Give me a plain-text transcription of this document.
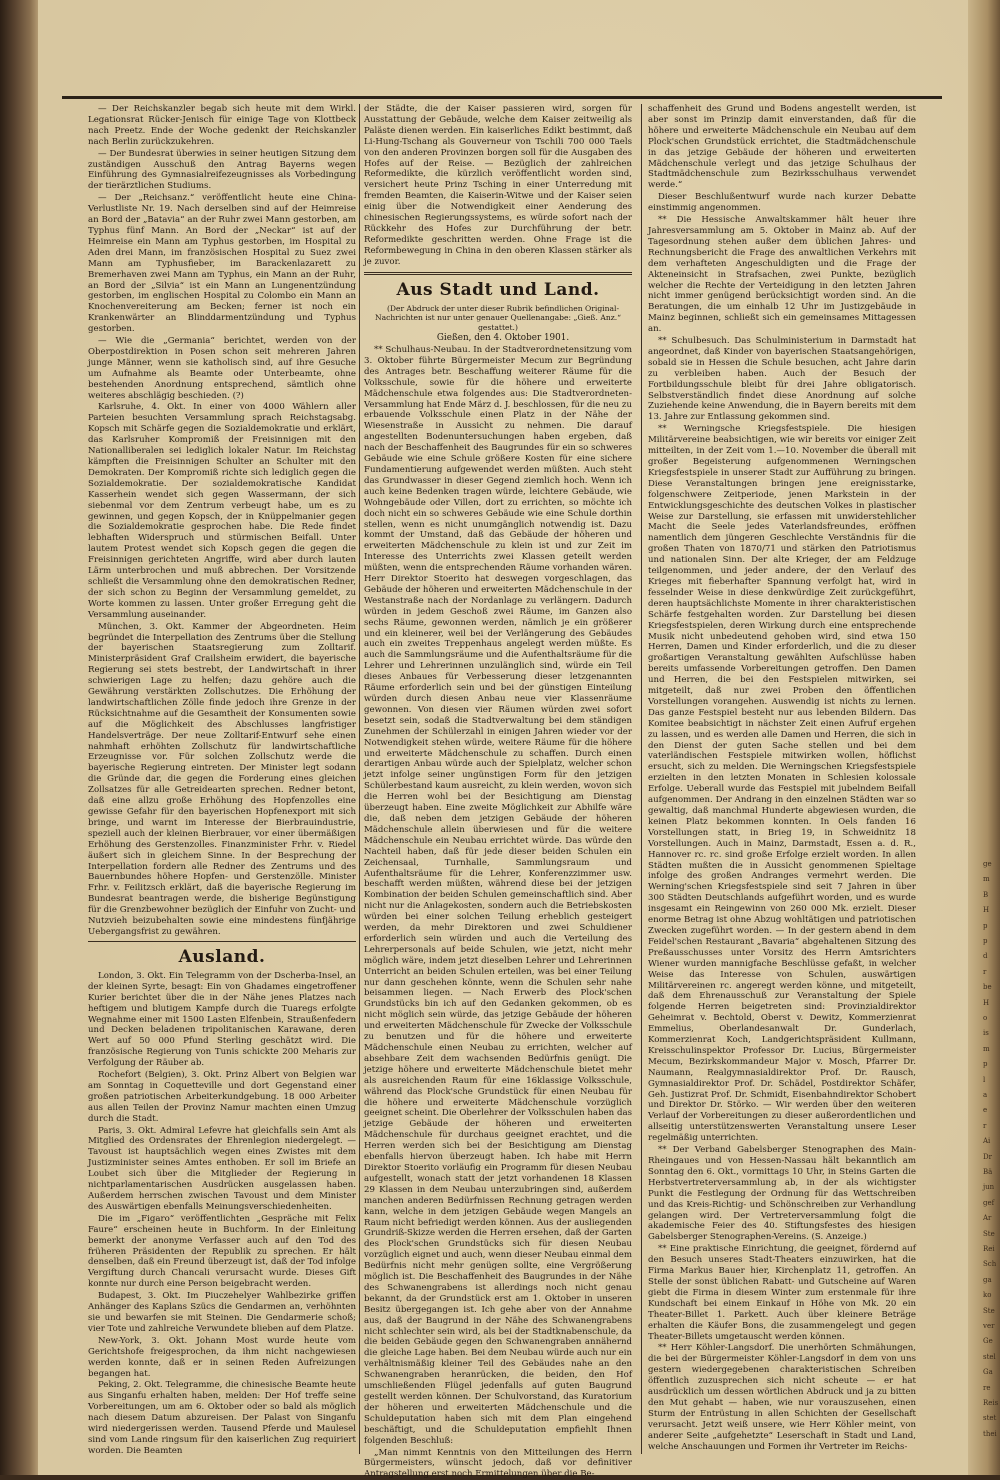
— Der Reichskanzler begab sich heute mit dem Wirkl. Legationsrat Rücker-Jenisch für einige Tage von Klottbeck nach Preetz. Ende der Woche gedenkt der Reichskanzler nach Berlin zurückzukehren.

— Der Bundesrat überwies in seiner heutigen Sitzung dem zuständigen Ausschuß den Antrag Bayerns wegen Einführung des Gymnasialreifezeugnisses als Vorbedingung der tierärztlichen Studiums.

— Der „Reichsanz.“ veröffentlicht heute eine China-Verlustliste Nr. 19. Nach derselben sind auf der Heimreise an Bord der „Batavia“ an der Ruhr zwei Mann gestorben, am Typhus fünf Mann. An Bord der „Neckar“ ist auf der Heimreise ein Mann am Typhus gestorben, im Hospital zu Aden drei Mann, im französischen Hospital zu Suez zwei Mann am Typhusfieber, im Barackenlazarett zu Bremerhaven zwei Mann am Typhus, ein Mann an der Ruhr, an Bord der „Silvia“ ist ein Mann an Lungenentzündung gestorben, im englischen Hospital zu Colombo ein Mann an Knochenvereiterung am Becken; ferner ist noch ein Krankenwärter an Blinddarmentzündung und Typhus gestorben.

— Wie die „Germania“ berichtet, werden von der Oberpostdirektion in Posen schon seit mehreren Jahren junge Männer, wenn sie katholisch sind, auf ihre Gesuche um Aufnahme als Beamte oder Unterbeamte, ohne bestehenden Anordnung entsprechend, sämtlich ohne weiteres abschlägig beschieden. (?)

Karlsruhe, 4. Okt. In einer von 4000 Wählern aller Parteien besuchten Versammlung sprach Reichstagsabg. Kopsch mit Schärfe gegen die Sozialdemokratie und erklärt, das Karlsruher Kompromiß der Freisinnigen mit den Nationalliberalen sei lediglich lokaler Natur. Im Reichstag kämpften die Freisinnigen Schulter an Schulter mit den Demokraten. Der Kompromiß richte sich lediglich gegen die Sozialdemokratie. Der sozialdemokratische Kandidat Kasserhein wendet sich gegen Wassermann, der sich siebenmal vor dem Zentrum verbeugt habe, um es zu gewinnen, und gegen Kopsch, der in Knüppelmanier gegen die Sozialdemokratie gesprochen habe. Die Rede findet lebhaften Widerspruch und stürmischen Beifall. Unter lautem Protest wendet sich Kopsch gegen die gegen die Freisinnigen gerichteten Angriffe, wird aber durch lauten Lärm unterbrochen und muß abbrechen. Der Vorsitzende schließt die Versammlung ohne den demokratischen Redner, der sich schon zu Beginn der Versammlung gemeldet, zu Worte kommen zu lassen. Unter großer Erregung geht die Versammlung auseinander.

München, 3. Okt. Kammer der Abgeordneten. Heim begründet die Interpellation des Zentrums über die Stellung der bayerischen Staatsregierung zum Zolltarif. Ministerpräsident Graf Crailsheim erwidert, die bayerische Regierung sei stets bestrebt, der Landwirtschaft in ihrer schwierigen Lage zu helfen; dazu gehöre auch die Gewährung verstärkten Zollschutzes. Die Erhöhung der landwirtschaftlichen Zölle finde jedoch ihre Grenze in der Rücksichtnahme auf die Gesamtheit der Konsumenten sowie auf die Möglichkeit des Abschlusses langfristiger Handelsverträge. Der neue Zolltarif-Entwurf sehe einen nahmhaft erhöhten Zollschutz für landwirtschaftliche Erzeugnisse vor. Für solchen Zollschutz werde die bayerische Regierung eintreten. Der Minister legt sodann die Gründe dar, die gegen die Forderung eines gleichen Zollsatzes für alle Getreidearten sprechen. Redner betont, daß eine allzu große Erhöhung des Hopfenzolles eine gewisse Gefahr für den bayerischen Hopfenexport mit sich bringe, und warnt im Interesse der Bierbrauindustrie, speziell auch der kleinen Bierbrauer, vor einer übermäßigen Erhöhung des Gerstenzolles. Finanzminister Frhr. v. Riedel äußert sich in gleichem Sinne. In der Besprechung der Interpellation fordern alle Redner des Zentrums und des Bauernbundes höhere Hopfen- und Gerstenzölle. Minister Frhr. v. Feilitzsch erklärt, daß die bayerische Regierung im Bundesrat beantragen werde, die bisherige Begünstigung für die Grenzbewohner bezüglich der Einfuhr von Zucht- und Nutzvieh beizubehalten sowie eine mindestens fünfjährige Uebergangsfrist zu gewähren.

Ausland.

London, 3. Okt. Ein Telegramm von der Dscherba-Insel, an der kleinen Syrte, besagt: Ein von Ghadames eingetroffener Kurier berichtet über die in der Nähe jenes Platzes nach heftigem und blutigem Kampfe durch die Tuaregs erfolgte Wegnahme einer mit 1500 Lasten Elfenbein, Straußenfedern und Decken beladenen tripolitanischen Karawane, deren Wert auf 50 000 Pfund Sterling geschätzt wird. Die französische Regierung von Tunis schickte 200 Meharis zur Verfolgung der Räuber ab.

Rochefort (Belgien), 3. Okt. Prinz Albert von Belgien war am Sonntag in Coquetteville und dort Gegenstand einer großen patriotischen Arbeiterkundgebung. 18 000 Arbeiter aus allen Teilen der Provinz Namur machten einen Umzug durch die Stadt.

Paris, 3. Okt. Admiral Lefevre hat gleichfalls sein Amt als Mitglied des Ordensrates der Ehrenlegion niedergelegt. — Tavoust ist hauptsächlich wegen eines Zwistes mit dem Justizminister seines Amtes enthoben. Er soll im Briefe an Loubet sich über die Mitglieder der Regierung in nichtparlamentarischen Ausdrücken ausgelassen haben. Außerdem herrschen zwischen Tavoust und dem Minister des Auswärtigen ebenfalls Meinungsverschiedenheiten.

Die im „Figaro“ veröffentlichten „Gespräche mit Felix Faure“ erscheinen heute in Buchform. In der Einleitung bemerkt der anonyme Verfasser auch auf den Tod des früheren Präsidenten der Republik zu sprechen. Er hält denselben, daß ein Freund überzeugt ist, daß der Tod infolge Vergiftung durch Chancali verursacht wurde. Dieses Gift konnte nur durch eine Person beigebracht werden.

Budapest, 3. Okt. Im Piuczehelyer Wahlbezirke griffen Anhänger des Kaplans Szücs die Gendarmen an, verhöhnten sie und bewarfen sie mit Steinen. Die Gendarmerie schoß; vier Tote und zahlreiche Verwundete blieben auf dem Platze.

New-York, 3. Okt. Johann Most wurde heute vom Gerichtshofe freigesprochen, da ihm nicht nachgewiesen werden konnte, daß er in seinen Reden Aufreizungen begangen hat.

Peking, 2. Okt. Telegramme, die chinesische Beamte heute aus Singanfu erhalten haben, melden: Der Hof treffe seine Vorbereitungen, um am 6. Oktober oder so bald als möglich nach diesem Datum abzureisen. Der Palast von Singanfu wird niedergerissen werden. Tausend Pferde und Maulesel sind vom Lande ringsum für den kaiserlichen Zug requiriert worden. Die Beamten

der Städte, die der Kaiser passieren wird, sorgen für Ausstattung der Gebäude, welche dem Kaiser zeitweilig als Paläste dienen werden. Ein kaiserliches Edikt bestimmt, daß Li-Hung-Tschang als Gouverneur von Tschili 700 000 Taels von den anderen Provinzen borgen soll für die Ausgaben des Hofes auf der Reise. — Bezüglich der zahlreichen Reformedikte, die kürzlich veröffentlicht worden sind, versichert heute Prinz Tsching in einer Unterredung mit fremden Beamten, die Kaiserin-Witwe und der Kaiser seien einig über die Notwendigkeit einer Aenderung des chinesischen Regierungssystems, es würde sofort nach der Rückkehr des Hofes zur Durchführung der betr. Reformedikte geschritten werden. Ohne Frage ist die Reformbewegung in China in den oberen Klassen stärker als je zuvor.

Aus Stadt und Land.

(Der Abdruck der unter dieser Rubrik befindlichen Original-Nachrichten ist nur unter genauer Quellenangabe: „Gieß. Anz.“ gestattet.)

Gießen, den 4. Oktober 1901.

** Schulhaus-Neubau. In der Stadtverordnetensitzung vom 3. Oktober führte Bürgermeister Mecum zur Begründung des Antrages betr. Beschaffung weiterer Räume für die Volksschule, sowie für die höhere und erweiterte Mädchenschule etwa folgendes aus: Die Stadtverordneten-Versammlung hat Ende März d. J. beschlossen, für die neu zu erbauende Volksschule einen Platz in der Nähe der Wiesenstraße in Aussicht zu nehmen. Die darauf angestellten Bodenuntersuchungen haben ergeben, daß nach der Beschaffenheit des Baugrundes für ein so schweres Gebäude wie eine Schule größere Kosten für eine sichere Fundamentierung aufgewendet werden müßten. Auch steht das Grundwasser in dieser Gegend ziemlich hoch. Wenn ich auch keine Bedenken tragen würde, leichtere Gebäude, wie Wohngebäude oder Villen, dort zu errichten, so möchte ich doch nicht ein so schweres Gebäude wie eine Schule dorthin stellen, wenn es nicht unumgänglich notwendig ist. Dazu kommt der Umstand, daß das Gebäude der höheren und erweiterten Mädchenschule zu klein ist und zur Zeit im Interesse des Unterrichts zwei Klassen geteilt werden müßten, wenn die entsprechenden Räume vorhanden wären. Herr Direktor Stoerito hat deswegen vorgeschlagen, das Gebäude der höheren und erweiterten Mädchenschule in der Westanstraße nach der Nordanlage zu verlängern. Dadurch würden in jedem Geschoß zwei Räume, im Ganzen also sechs Räume, gewonnen werden, nämlich je ein größerer und ein kleinerer, weil bei der Verlängerung des Gebäudes auch ein zweites Treppenhaus angelegt werden müßte. Es auch die Sammlungsräume und die Aufenthaltsräume für die Lehrer und Lehrerinnen unzulänglich sind, würde ein Teil dieses Anbaues für Verbesserung dieser letzgenannten Räume erforderlich sein und bei der günstigen Einteilung würden durch diesen Anbau neue vier Klassenräume gewonnen. Von diesen vier Räumen würden zwei sofort besetzt sein, sodaß die Stadtverwaltung bei dem ständigen Zunehmen der Schülerzahl in einigen Jahren wieder vor der Notwendigkeit stehen würde, weitere Räume für die höhere und erweiterte Mädchenschule zu schaffen. Durch einen derartigen Anbau würde auch der Spielplatz, welcher schon jetzt infolge seiner ungünstigen Form für den jetzigen Schülerbestand kaum ausreicht, zu klein werden, wovon sich die Herren wohl bei der Besichtigung am Dienstag überzeugt haben. Eine zweite Möglichkeit zur Abhilfe wäre die, daß neben dem jetzigen Gebäude der höheren Mädchenschule allein überwiesen und für die weitere Mädchenschule ein Neubau errichtet würde. Das würde den Nachteil haben, daß für jede dieser beiden Schulen ein Zeichensaal, Turnhalle, Sammlungsraum und Aufenthaltsräume für die Lehrer, Konferenzzimmer usw. beschafft werden müßten, während diese bei der jetzigen Kombination der beiden Schulen gemeinschaftlich sind. Aber nicht nur die Anlagekosten, sondern auch die Betriebskosten würden bei einer solchen Teilung erheblich gesteigert werden, da mehr Direktoren und zwei Schuldiener erforderlich sein würden und auch die Verteilung des Lehrerpersonals auf beide Schulen, wie jetzt, nicht mehr möglich wäre, indem jetzt dieselben Lehrer und Lehrerinnen Unterricht an beiden Schulen erteilen, was bei einer Teilung nur dann geschehen könnte, wenn die Schulen sehr nahe beisammen liegen. — Nach Erwerb des Plock'schen Grundstücks bin ich auf den Gedanken gekommen, ob es nicht möglich sein würde, das jetzige Gebäude der höheren und erweiterten Mädchenschule für Zwecke der Volksschule zu benutzen und für die höhere und erweiterte Mädchenschule einen Neubau zu errichten, welcher auf absehbare Zeit dem wachsenden Bedürfnis genügt. Die jetzige höhere und erweiterte Mädchenschule bietet mehr als ausreichenden Raum für eine 16klassige Volksschule, während das Plock'sche Grundstück für einen Neubau für die höhere und erweiterte Mädchenschule vorzüglich geeignet scheint. Die Oberlehrer der Volksschulen haben das jetzige Gebäude der höheren und erweiterten Mädchenschule für durchaus geeignet erachtet, und die Herren werden sich bei der Besichtigung am Dienstag ebenfalls hiervon überzeugt haben. Ich habe mit Herrn Direktor Stoerito vorläufig ein Programm für diesen Neubau aufgestellt, wonach statt der jetzt vorhandenen 18 Klassen 29 Klassen in dem Neubau unterzubringen sind, außerdem manchen anderen Bedürfnissen Rechnung getragen werden kann, welche in dem jetzigen Gebäude wegen Mangels an Raum nicht befriedigt werden können. Aus der ausliegenden Grundriß-Skizze werden die Herren ersehen, daß der Garten des Plock'schen Grundstücks sich für diesen Neubau vorzüglich eignet und auch, wenn dieser Neubau einmal dem Bedürfnis nicht mehr genügen sollte, eine Vergrößerung möglich ist. Die Beschaffenheit des Baugrundes in der Nähe des Schwanengrabens ist allerdings noch nicht genau bekannt, da der Grundstück erst am 1. Oktober in unseren Besitz übergegangen ist. Ich gehe aber von der Annahme aus, daß der Baugrund in der Nähe des Schwanengrabens nicht schlechter sein wird, als bei der Stadtknabenschule, da die beiden Gebäude gegen den Schwanengraben annähernd die gleiche Lage haben. Bei dem Neubau würde auch nur ein verhältnismäßig kleiner Teil des Gebäudes nahe an den Schwanengraben heranrücken, die beiden, den Hof umschließenden Flügel jedenfalls auf guten Baugrund gestellt werden können. Der Schulvorstand, das Kuratorium der höheren und erweiterten Mädchenschule und die Schuldeputation haben sich mit dem Plan eingehend beschäftigt, und die Schuldeputation empfiehlt Ihnen folgenden Beschluß:

„Man nimmt Kenntnis von den Mitteilungen des Herrn Bürgermeisters, wünscht jedoch, daß vor definitiver Antragstellung erst noch Ermittelungen über die Be-

schaffenheit des Grund und Bodens angestellt werden, ist aber sonst im Prinzip damit einverstanden, daß für die höhere und erweiterte Mädchenschule ein Neubau auf dem Plock'schen Grundstück errichtet, die Stadtmädchenschule in das jetzige Gebäude der höheren und erweiterten Mädchenschule verlegt und das jetzige Schulhaus der Stadtmädchenschule zum Bezirksschulhaus verwendet werde.“

Dieser Beschlußentwurf wurde nach kurzer Debatte einstimmig angenommen.

** Die Hessische Anwaltskammer hält heuer ihre Jahresversammlung am 5. Oktober in Mainz ab. Auf der Tagesordnung stehen außer dem üblichen Jahres- und Rechnungsbericht die Frage des anwaltlichen Verkehrs mit dem verhafteten Angeschuldigten und die Frage der Akteneinsicht in Strafsachen, zwei Punkte, bezüglich welcher die Rechte der Verteidigung in den letzten Jahren nicht immer genügend berücksichtigt worden sind. An die Beratungen, die um einhalb 12 Uhr im Justizgebäude in Mainz beginnen, schließt sich ein gemeinsames Mittagessen an.

** Schulbesuch. Das Schulministerium in Darmstadt hat angeordnet, daß Kinder von bayerischen Staatsangehörigen, sobald sie in Hessen die Schule besuchen, acht Jahre darin zu verbleiben haben. Auch der Besuch der Fortbildungsschule bleibt für drei Jahre obligatorisch. Selbstverständlich findet diese Anordnung auf solche Zuziehende keine Anwendung, die in Bayern bereits mit dem 13. Jahre zur Entlassung gekommen sind.

** Werningsche Kriegsfestspiele. Die hiesigen Militärvereine beabsichtigen, wie wir bereits vor einiger Zeit mitteilten, in der Zeit vom 1.—10. November die überall mit großer Begeisterung aufgenommenen Werningschen Kriegsfestspiele in unserer Stadt zur Aufführung zu bringen. Diese Veranstaltungen bringen jene ereignisstarke, folgenschwere Zeitperiode, jenen Markstein in der Entwicklungsgeschichte des deutschen Volkes in plastischer Weise zur Darstellung, sie erfassen mit unwiderstehlicher Macht die Seele jedes Vaterlandsfreundes, eröffnen namentlich dem jüngeren Geschlechte Verständnis für die großen Thaten von 1870/71 und stärken den Patriotismus und nationalen Sinn. Der alte Krieger, der am Feldzuge teilgenommen, und jeder andere, der den Verlauf des Krieges mit fieberhafter Spannung verfolgt hat, wird in fesselnder Weise in diese denkwürdige Zeit zurückgeführt, deren hauptsächlichste Momente in ihrer charakteristischen Schärfe festgehalten worden. Zur Darstellung bei diesen Kriegsfestspielen, deren Wirkung durch eine entsprechende Musik nicht unbedeutend gehoben wird, sind etwa 150 Herren, Damen und Kinder erforderlich, und die zu dieser großartigen Veranstaltung gewählten Aufschlüsse haben bereits umfassende Vorbereitungen getroffen. Den Damen und Herren, die bei den Festspielen mitwirken, sei mitgeteilt, daß nur zwei Proben den öffentlichen Vorstellungen vorangehen. Auswendig ist nichts zu lernen. Das ganze Festspiel besteht nur aus lebenden Bildern. Das Komitee beabsichtigt in nächster Zeit einen Aufruf ergehen zu lassen, und es werden alle Damen und Herren, die sich in den Dienst der guten Sache stellen und bei dem vaterländischen Festspiele mitwirken wollen, höflichst ersucht, sich zu melden. Die Werningschen Kriegsfestspiele erzielten in den letzten Monaten in Schlesien kolossale Erfolge. Ueberall wurde das Festspiel mit jubelndem Beifall aufgenommen. Der Andrang in den einzelnen Städten war so gewaltig, daß manchmal Hunderte abgewiesen wurden, die keinen Platz bekommen konnten. In Oels fanden 16 Vorstellungen statt, in Brieg 19, in Schweidnitz 18 Vorstellungen. Auch in Mainz, Darmstadt, Essen a. d. R., Hannover rc. rc. sind große Erfolge erzielt worden. In allen Städten mußten die in Aussicht genommenen Spieltage infolge des großen Andranges vermehrt werden. Die Werning'schen Kriegsfestspiele sind seit 7 Jahren in über 300 Städten Deutschlands aufgeführt worden, und es wurde insgesamt ein Reingewinn von 260 000 Mk. erzielt. Dieser enorme Betrag ist ohne Abzug wohltätigen und patriotischen Zwecken zugeführt worden. — In der gestern abend in dem Feidel'schen Restaurant „Bavaria“ abgehaltenen Sitzung des Preßausschusses unter Vorsitz des Herrn Amtsrichters Wiener wurden mannigfache Beschlüsse gefaßt, in welcher Weise das Interesse von Schulen, auswärtigen Militärvereinen rc. angeregt werden könne, und mitgeteilt, daß dem Ehrenausschuß zur Veranstaltung der Spiele folgende Herren beigetreten sind: Provinzialdirektor Geheimrat v. Bechtold, Oberst v. Dewitz, Kommerzienrat Emmelius, Oberlandesanwalt Dr. Gunderlach, Kommerzienrat Koch, Landgerichtspräsident Kullmann, Kreisschulinspektor Professor Dr. Lucius, Bürgermeister Mecum, Bezirkskommandeur Major v. Mosch, Pfarrer Dr. Naumann, Realgymnasialdirektor Prof. Dr. Rausch, Gymnasialdirektor Prof. Dr. Schädel, Postdirektor Schäfer, Geh. Justizrat Prof. Dr. Schmidt, Eisenbahndirektor Schobert und Direktor Dr. Störko. — Wir werden über den weiteren Verlauf der Vorbereitungen zu dieser außerordentlichen und allseitig unterstützenswerten Veranstaltung unsere Leser regelmäßig unterrichten.

** Der Verband Gabelsberger Stenographen des Main-Rheingaues und von Hessen-Nassau hält bekanntlich am Sonntag den 6. Okt., vormittags 10 Uhr, in Steins Garten die Herbstvertreterversammlung ab, in der als wichtigster Punkt die Festlegung der Ordnung für das Wettschreiben und das Kreis-Richtig- und Schönschreiben zur Verhandlung gelangen wird. Der Vertreterversammlung folgt die akademische Feier des 40. Stiftungsfestes des hiesigen Gabelsberger Stenographen-Vereins. (S. Anzeige.)

** Eine praktische Einrichtung, die geeignet, fördernd auf den Besuch unseres Stadt-Theaters einzuwirken, hat die Firma Markus Bauer hier, Kirchenplatz 11, getroffen. An Stelle der sonst üblichen Rabatt- und Gutscheine auf Waren giebt die Firma in diesem Winter zum erstenmale für ihre Kundschaft bei einem Einkauf in Höhe von Mk. 20 ein Theater-Billet 1. Parkett. Auch über kleinere Beträge erhalten die Käufer Bons, die zusammengelegt und gegen Theater-Billets umgetauscht werden können.

** Herr Köhler-Langsdorf. Die unerhörten Schmähungen, die bei der Bürgermeister Köhler-Langsdorf in dem von uns gestern wiedergegebenen charakteristischen Schreiben öffentlich zuzusprechen sich nicht scheute — er hat ausdrücklich um dessen wörtlichen Abdruck und ja zu bitten den Mut gehabt — haben, wie nur vorauszusehen, einen Sturm der Entrüstung in allen Schichten der Gesellschaft verursacht. Jetzt weiß unsere, wie Herr Köhler meint, von anderer Seite „aufgehetzte“ Leserschaft in Stadt und Land, welche Anschauungen und Formen ihr Vertreter im Reichs-

ge
m
B
H
p
p
d
r
be
H
o
is
m
p
l
a
e
r
Ai
Dr
Bä
jun
gef
Ar
Ste
Rei
Sch
ga
ko
Ste
ver
Ge
stel
Ga
re
Reis
stet
thei
